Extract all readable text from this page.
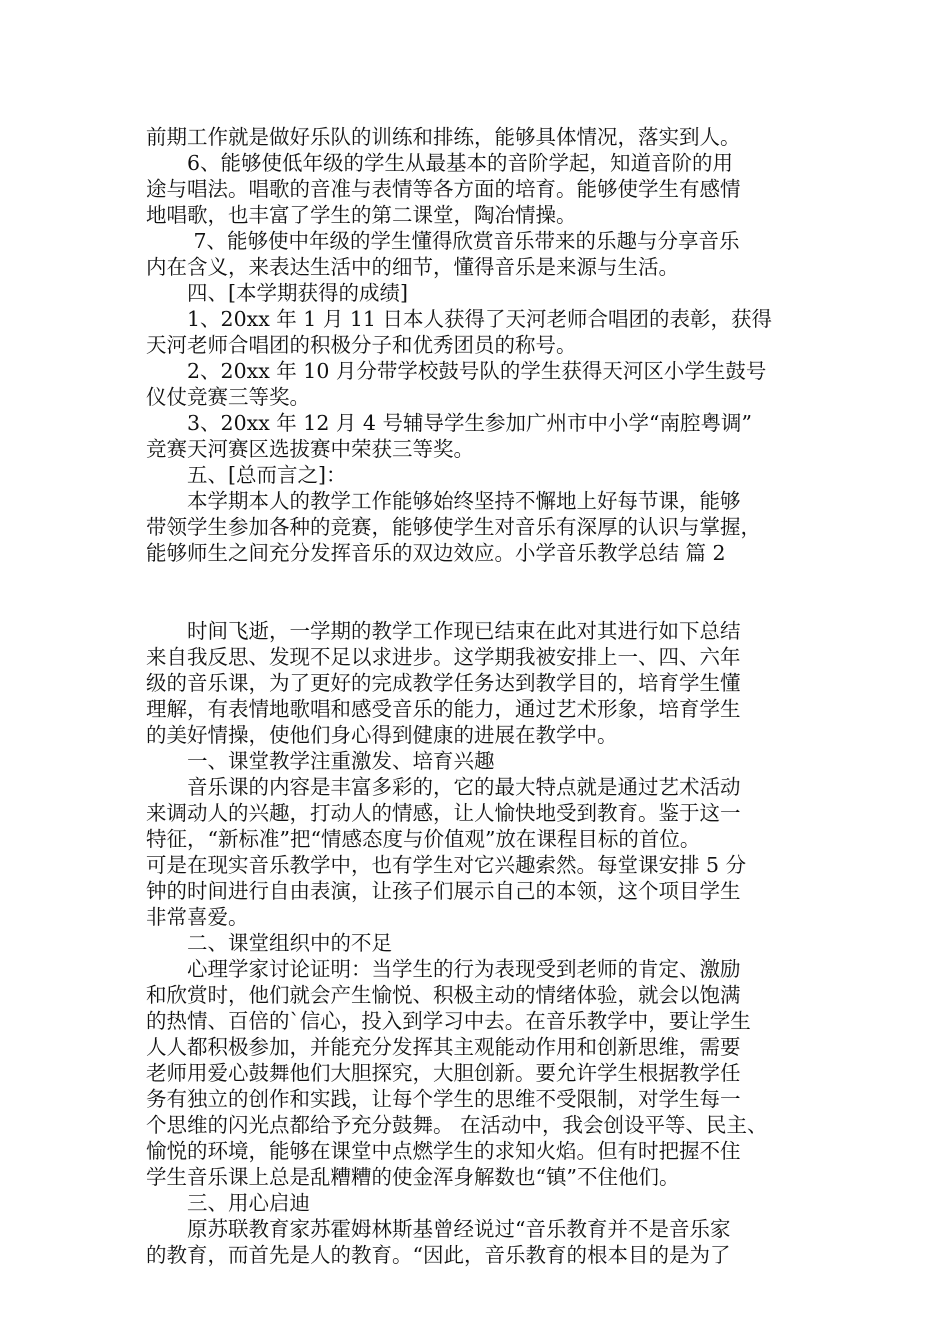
前期工作就是做好乐队的训练和排练，能够具体情况，落实到人。
　　6、能够使低年级的学生从最基本的音阶学起，知道音阶的用
途与唱法。唱歌的音准与表情等各方面的培育。能够使学生有感情
地唱歌，也丰富了学生的第二课堂，陶冶情操。
　　 7、能够使中年级的学生懂得欣赏音乐带来的乐趣与分享音乐
内在含义，来表达生活中的细节，懂得音乐是来源与生活。
　　四、[本学期获得的成绩]
　　1、20xx 年 1 月 11 日本人获得了天河老师合唱团的表彰，获得
天河老师合唱团的积极分子和优秀团员的称号。
　　2、20xx 年 10 月分带学校鼓号队的学生获得天河区小学生鼓号
仪仗竞赛三等奖。
　　3、20xx 年 12 月 4 号辅导学生参加广州市中小学“南腔粤调”
竞赛天河赛区选拔赛中荣获三等奖。
　　五、[总而言之]：
　　本学期本人的教学工作能够始终坚持不懈地上好每节课，能够
带领学生参加各种的竞赛，能够使学生对音乐有深厚的认识与掌握，
能够师生之间充分发挥音乐的双边效应。小学音乐教学总结 篇 2
　　时间飞逝，一学期的教学工作现已结束在此对其进行如下总结
来自我反思、发现不足以求进步。这学期我被安排上一、四、六年
级的音乐课，为了更好的完成教学任务达到教学目的，培育学生懂
理解，有表情地歌唱和感受音乐的能力，通过艺术形象，培育学生
的美好情操，使他们身心得到健康的进展在教学中。
　　一、课堂教学注重激发、培育兴趣
　　音乐课的内容是丰富多彩的，它的最大特点就是通过艺术活动
来调动人的兴趣，打动人的情感，让人愉快地受到教育。鉴于这一
特征，“新标准”把“情感态度与价值观”放在课程目标的首位。
可是在现实音乐教学中，也有学生对它兴趣索然。每堂课安排 5 分
钟的时间进行自由表演，让孩子们展示自己的本领，这个项目学生
非常喜爱。
　　二、课堂组织中的不足
　　心理学家讨论证明：当学生的行为表现受到老师的肯定、激励
和欣赏时，他们就会产生愉悦、积极主动的情绪体验，就会以饱满
的热情、百倍的`信心，投入到学习中去。在音乐教学中，要让学生
人人都积极参加，并能充分发挥其主观能动作用和创新思维，需要
老师用爱心鼓舞他们大胆探究，大胆创新。要允许学生根据教学任
务有独立的创作和实践，让每个学生的思维不受限制，对学生每一
个思维的闪光点都给予充分鼓舞。 在活动中，我会创设平等、民主、
愉悦的环境，能够在课堂中点燃学生的求知火焰。但有时把握不住
学生音乐课上总是乱糟糟的使金浑身解数也“镇”不住他们。
　　三、用心启迪
　　原苏联教育家苏霍姆林斯基曾经说过“音乐教育并不是音乐家
的教育，而首先是人的教育。“因此，音乐教育的根本目的是为了
